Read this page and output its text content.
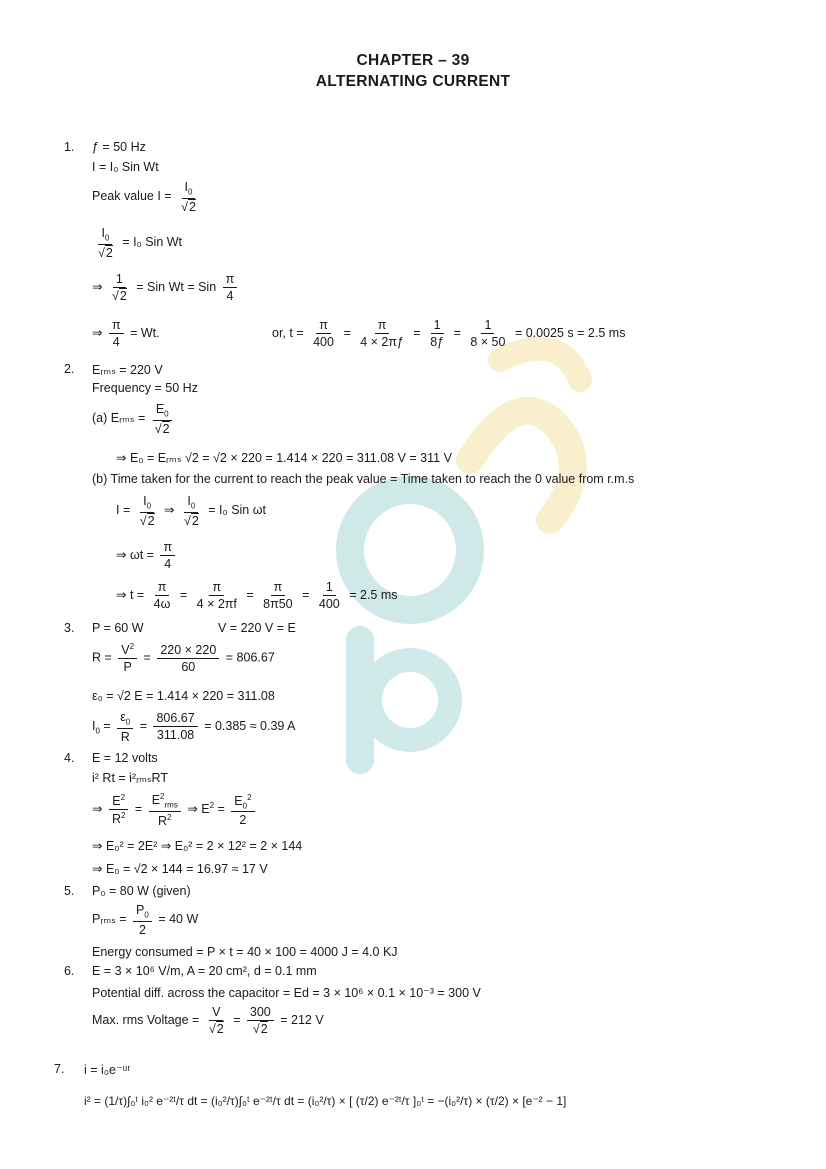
CHAPTER – 39
ALTERNATING CURRENT
1. ƒ = 50 Hz
I = I₀ Sin Wt
Peak value $I = \frac{I_0}{√2}$
$\frac{I_0}{√2} = I_0$ Sin Wt
⇒ $\frac{1}{√2}$ = Sin Wt = Sin $\frac{\pi}{4}$
⇒ $\frac{\pi}{4} = Wt$.	or, $t = \frac{\pi}{400} = \frac{\pi}{4 \times 2\pi ƒ} = \frac{1}{8ƒ} = \frac{1}{8 \times 50} = 0.0025$ s = 2.5 ms
2. Eᵣₘₛ = 220 V
Frequency = 50 Hz
(a) Eᵣₘₛ = $\frac{E_0}{√2}$
⇒ E₀ = Eᵣₘₛ √2 = √2 × 220 = 1.414 × 220 = 311.08 V = 311 V
(b) Time taken for the current to reach the peak value = Time taken to reach the 0 value from r.m.s
$I = \frac{I_0}{√2}$ ⇒ $\frac{I_0}{√2} = I_0$ Sin ωt
⇒ $\omega t = \frac{\pi}{4}$
⇒ $t = \frac{\pi}{4\omega} = \frac{\pi}{4 \times 2\pi f} = \frac{\pi}{8\pi 50} = \frac{1}{400} = 2.5$ ms
3. P = 60 W	V = 220 V = E
$R = \frac{V^2}{P} = \frac{220 \times 220}{60} = 806.67$
ε₀ = √2 E = 1.414 × 220 = 311.08
$I_0 = \frac{\varepsilon_0}{R} = \frac{806.67}{311.08} = 0.385 \approx 0.39$ A
4. E = 12 volts
i² Rt = i²ᵣₘₛRT
⇒ $\frac{E^2}{R^2} = \frac{E^2_{rms}}{R^2}$ ⇒ $E^2 = \frac{E_0^2}{2}$
⇒ E₀² = 2E² ⇒ E₀² = 2 × 12² = 2 × 144
⇒ E₀ = √2 × 144 = 16.97 ≈ 17 V
5. P₀ = 80 W (given)
Pᵣₘₛ = $\frac{P_0}{2} = 40$ W
Energy consumed = P × t = 40 × 100 = 4000 J = 4.0 KJ
6. E = 3 × 10⁶ V/m, A = 20 cm², d = 0.1 mm
Potential diff. across the capacitor = Ed = 3 × 10⁶ × 0.1 × 10⁻³ = 300 V
Max. rms Voltage = $\frac{V}{√2} = \frac{300}{√2} = 212$ V
7. i = i₀e⁻ᵘʳ
i² = (1/τ)∫₀ᵗ i₀² e⁻²ᵗ/τ dt = (i₀²/τ)∫₀ᵗ e⁻²ᵗ/τ dt = (i₀²/τ) × [ (τ/2) e⁻²ᵗ/τ ]₀ᵗ = −(i₀²/τ) × (τ/2) × [e⁻² − 1]
